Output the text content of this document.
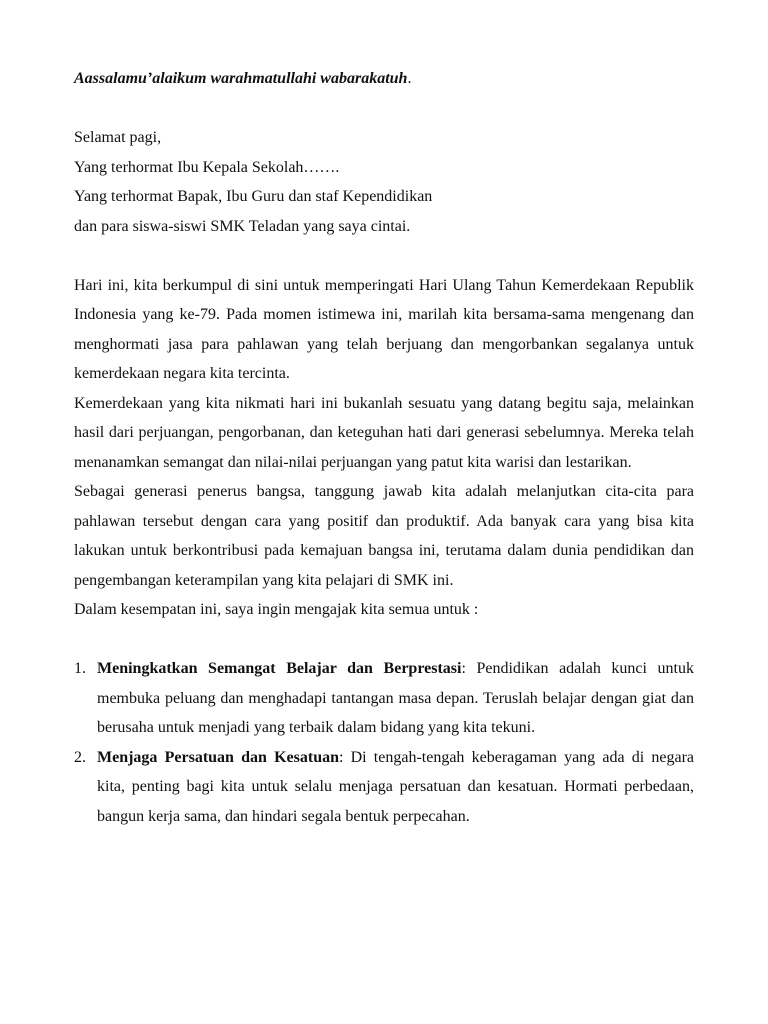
Aassalamu’alaikum warahmatullahi wabarakatuh.

Selamat pagi,

Yang terhormat Ibu Kepala Sekolah…….

Yang terhormat Bapak, Ibu Guru dan staf Kependidikan

dan para siswa-siswi SMK Teladan yang saya cintai.

Hari ini, kita berkumpul di sini untuk memperingati Hari Ulang Tahun Kemerdekaan Republik Indonesia yang ke-79. Pada momen istimewa ini, marilah kita bersama-sama mengenang dan menghormati jasa para pahlawan yang telah berjuang dan mengorbankan segalanya untuk kemerdekaan negara kita tercinta.

Kemerdekaan yang kita nikmati hari ini bukanlah sesuatu yang datang begitu saja, melainkan hasil dari perjuangan, pengorbanan, dan keteguhan hati dari generasi sebelumnya. Mereka telah menanamkan semangat dan nilai-nilai perjuangan yang patut kita warisi dan lestarikan.

Sebagai generasi penerus bangsa, tanggung jawab kita adalah melanjutkan cita-cita para pahlawan tersebut dengan cara yang positif dan produktif. Ada banyak cara yang bisa kita lakukan untuk berkontribusi pada kemajuan bangsa ini, terutama dalam dunia pendidikan dan pengembangan keterampilan yang kita pelajari di SMK ini.

Dalam kesempatan ini, saya ingin mengajak kita semua untuk :

1. Meningkatkan Semangat Belajar dan Berprestasi: Pendidikan adalah kunci untuk membuka peluang dan menghadapi tantangan masa depan. Teruslah belajar dengan giat dan berusaha untuk menjadi yang terbaik dalam bidang yang kita tekuni.
2. Menjaga Persatuan dan Kesatuan: Di tengah-tengah keberagaman yang ada di negara kita, penting bagi kita untuk selalu menjaga persatuan dan kesatuan. Hormati perbedaan, bangun kerja sama, dan hindari segala bentuk perpecahan.
